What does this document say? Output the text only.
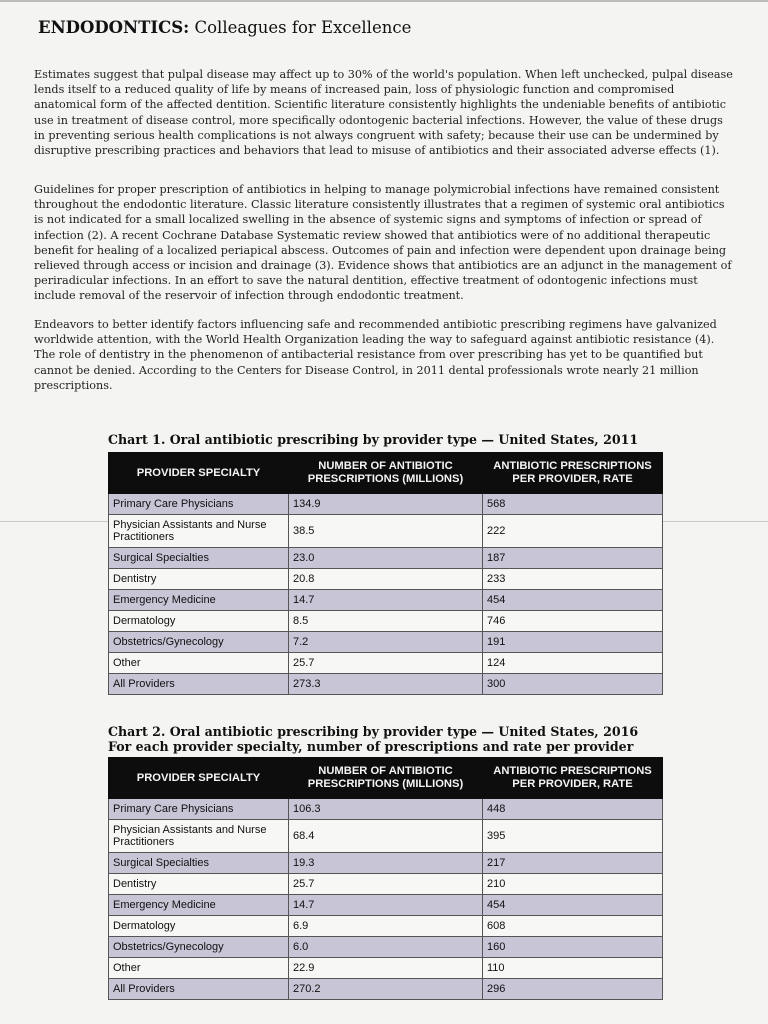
ENDODONTICS: Colleagues for Excellence

Estimates suggest that pulpal disease may affect up to 30% of the world's population. When left unchecked, pulpal disease lends itself to a reduced quality of life by means of increased pain, loss of physiologic function and compromised anatomical form of the affected dentition. Scientific literature consistently highlights the undeniable benefits of antibiotic use in treatment of disease control, more specifically odontogenic bacterial infections. However, the value of these drugs in preventing serious health complications is not always congruent with safety; because their use can be undermined by disruptive prescribing practices and behaviors that lead to misuse of antibiotics and their associated adverse effects (1).

Guidelines for proper prescription of antibiotics in helping to manage polymicrobial infections have remained consistent throughout the endodontic literature. Classic literature consistently illustrates that a regimen of systemic oral antibiotics is not indicated for a small localized swelling in the absence of systemic signs and symptoms of infection or spread of infection (2). A recent Cochrane Database Systematic review showed that antibiotics were of no additional therapeutic benefit for healing of a localized periapical abscess. Outcomes of pain and infection were dependent upon drainage being relieved through access or incision and drainage (3). Evidence shows that antibiotics are an adjunct in the management of periradicular infections. In an effort to save the natural dentition, effective treatment of odontogenic infections must include removal of the reservoir of infection through endodontic treatment.

Endeavors to better identify factors influencing safe and recommended antibiotic prescribing regimens have galvanized worldwide attention, with the World Health Organization leading the way to safeguard against antibiotic resistance (4). The role of dentistry in the phenomenon of antibacterial resistance from over prescribing has yet to be quantified but cannot be denied. According to the Centers for Disease Control, in 2011 dental professionals wrote nearly 21 million prescriptions.

Chart 1. Oral antibiotic prescribing by provider type — United States, 2011
PROVIDER SPECIALTY	NUMBER OF ANTIBIOTIC PRESCRIPTIONS (MILLIONS)	ANTIBIOTIC PRESCRIPTIONS PER PROVIDER, RATE
Primary Care Physicians	134.9	568
Physician Assistants and Nurse Practitioners	38.5	222
Surgical Specialties	23.0	187
Dentistry	20.8	233
Emergency Medicine	14.7	454
Dermatology	8.5	746
Obstetrics/Gynecology	7.2	191
Other	25.7	124
All Providers	273.3	300
Chart 2. Oral antibiotic prescribing by provider type — United States, 2016
For each provider specialty, number of prescriptions and rate per provider
PROVIDER SPECIALTY	NUMBER OF ANTIBIOTIC PRESCRIPTIONS (MILLIONS)	ANTIBIOTIC PRESCRIPTIONS PER PROVIDER, RATE
Primary Care Physicians	106.3	448
Physician Assistants and Nurse Practitioners	68.4	395
Surgical Specialties	19.3	217
Dentistry	25.7	210
Emergency Medicine	14.7	454
Dermatology	6.9	608
Obstetrics/Gynecology	6.0	160
Other	22.9	110
All Providers	270.2	296
